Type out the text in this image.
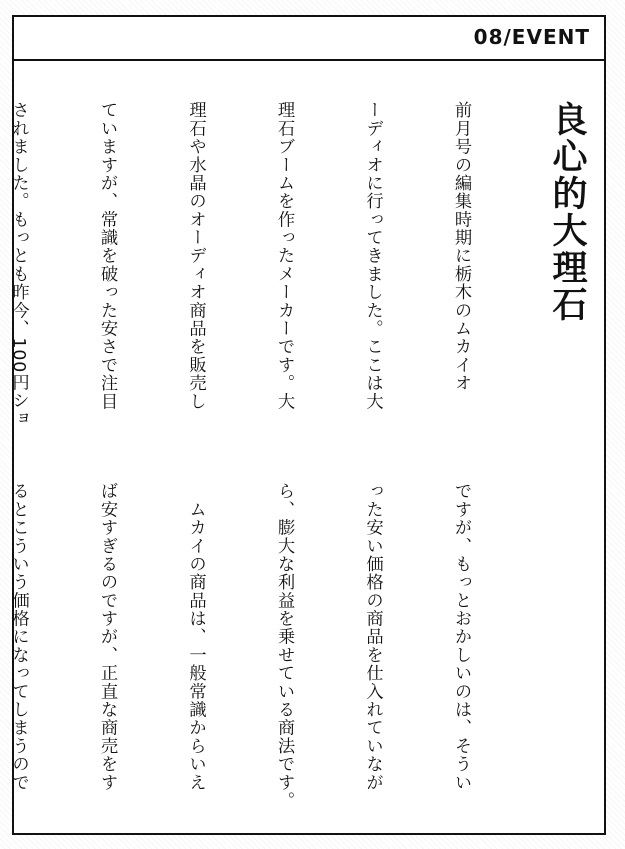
08/EVENT
良心的大理石

前月号の編集時期に栃木のムカイオ

ーディオに行ってきました。ここは大

理石ブームを作ったメーカーです。大

理石や水晶のオーディオ商品を販売し

ていますが、常識を破った安さで注目

されました。もっとも昨今、100円ショ

ですが、もっとおかしいのは、そうい

った安い価格の商品を仕入れていなが

ら、膨大な利益を乗せている商法です。

　ムカイの商品は、一般常識からいえ

ば安すぎるのですが、正直な商売をす

るとこういう価格になってしまうので
